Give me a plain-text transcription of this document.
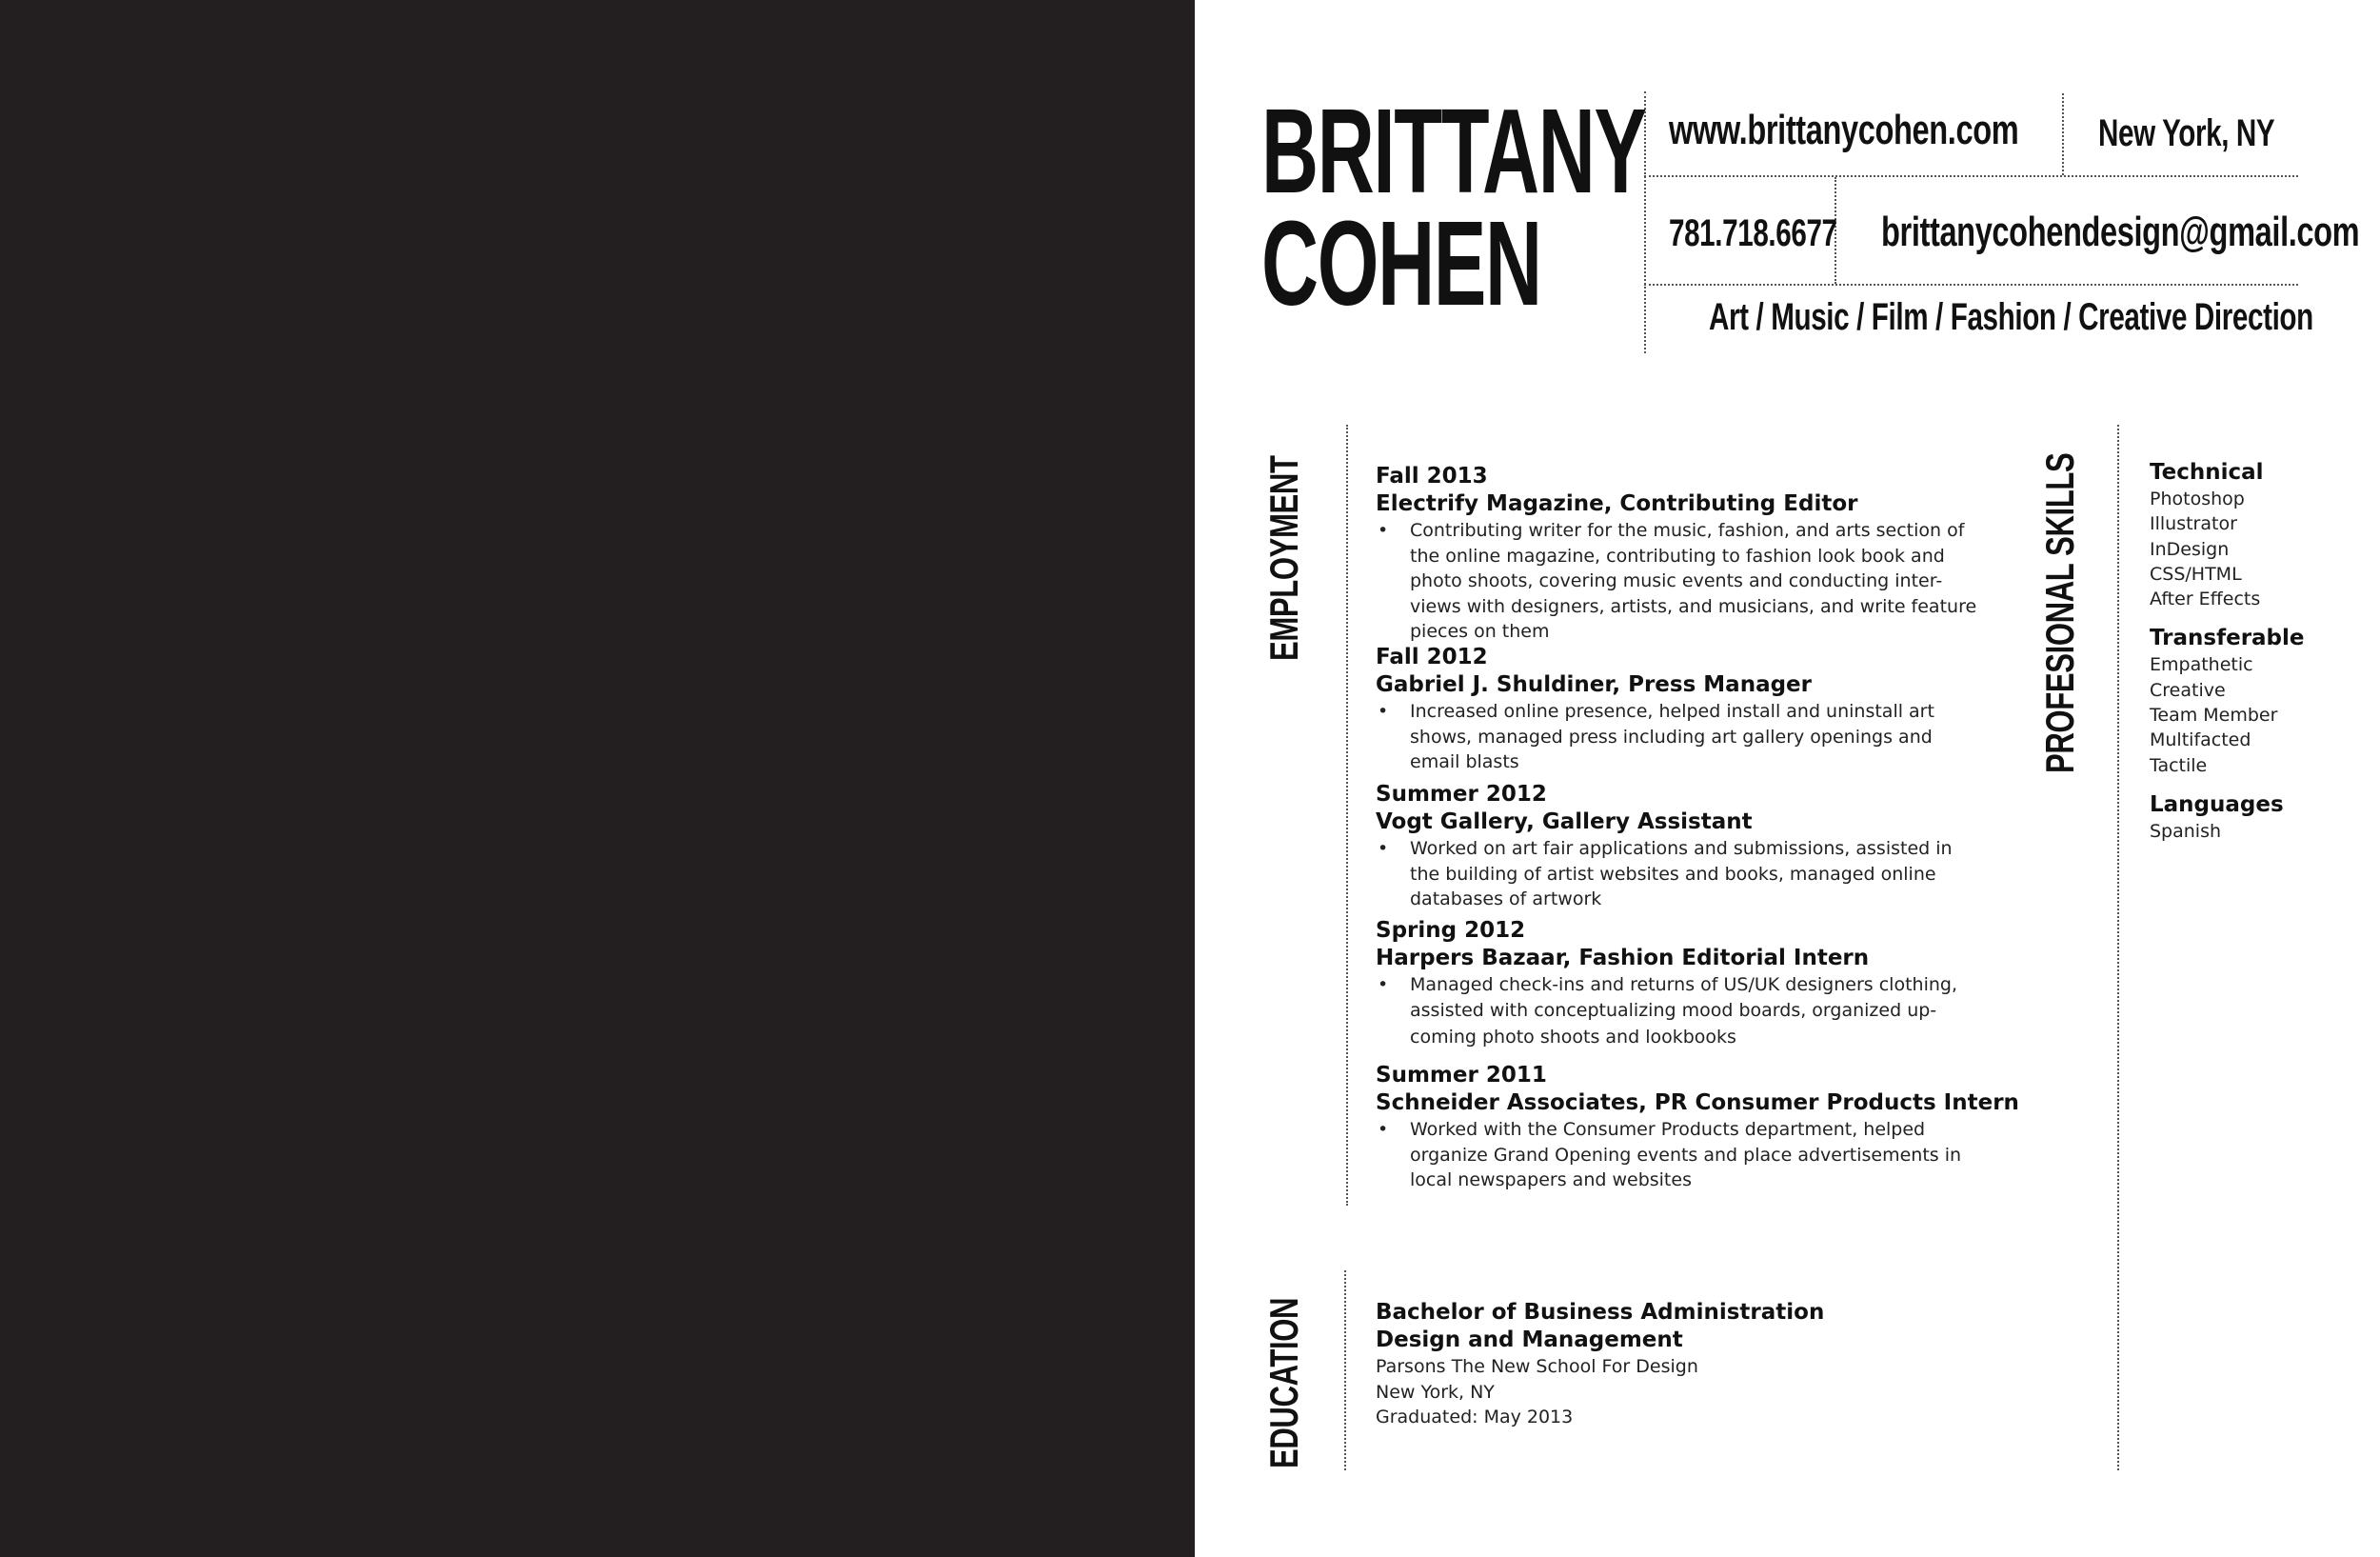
BRITTANY
COHEN
www.brittanycohen.com New York, NY
781.718.6677 brittanycohendesign@gmail.com
Art / Music / Film / Fashion / Creative Direction
EMPLOYMENT
EDUCATION
PROFESIONAL SKILLS
Fall 2013
Electrify Magazine, Contributing Editor
• Contributing writer for the music, fashion, and arts section of
the online magazine, contributing to fashion look book and
photo shoots, covering music events and conducting inter-
views with designers, artists, and musicians, and write feature
pieces on them
Fall 2012
Gabriel J. Shuldiner, Press Manager
• Increased online presence, helped install and uninstall art
shows, managed press including art gallery openings and
email blasts
Summer 2012
Vogt Gallery, Gallery Assistant
• Worked on art fair applications and submissions, assisted in
the building of artist websites and books, managed online
databases of artwork
Spring 2012
Harpers Bazaar, Fashion Editorial Intern
• Managed check-ins and returns of US/UK designers clothing,
assisted with conceptualizing mood boards, organized up-
coming photo shoots and lookbooks
Summer 2011
Schneider Associates, PR Consumer Products Intern
• Worked with the Consumer Products department, helped
organize Grand Opening events and place advertisements in
local newspapers and websites
Bachelor of Business Administration
Design and Management
Parsons The New School For Design
New York, NY
Graduated: May 2013
Technical
Photoshop
Illustrator
InDesign
CSS/HTML
After Effects
Transferable
Empathetic
Creative
Team Member
Multifacted
Tactile
Languages
Spanish
